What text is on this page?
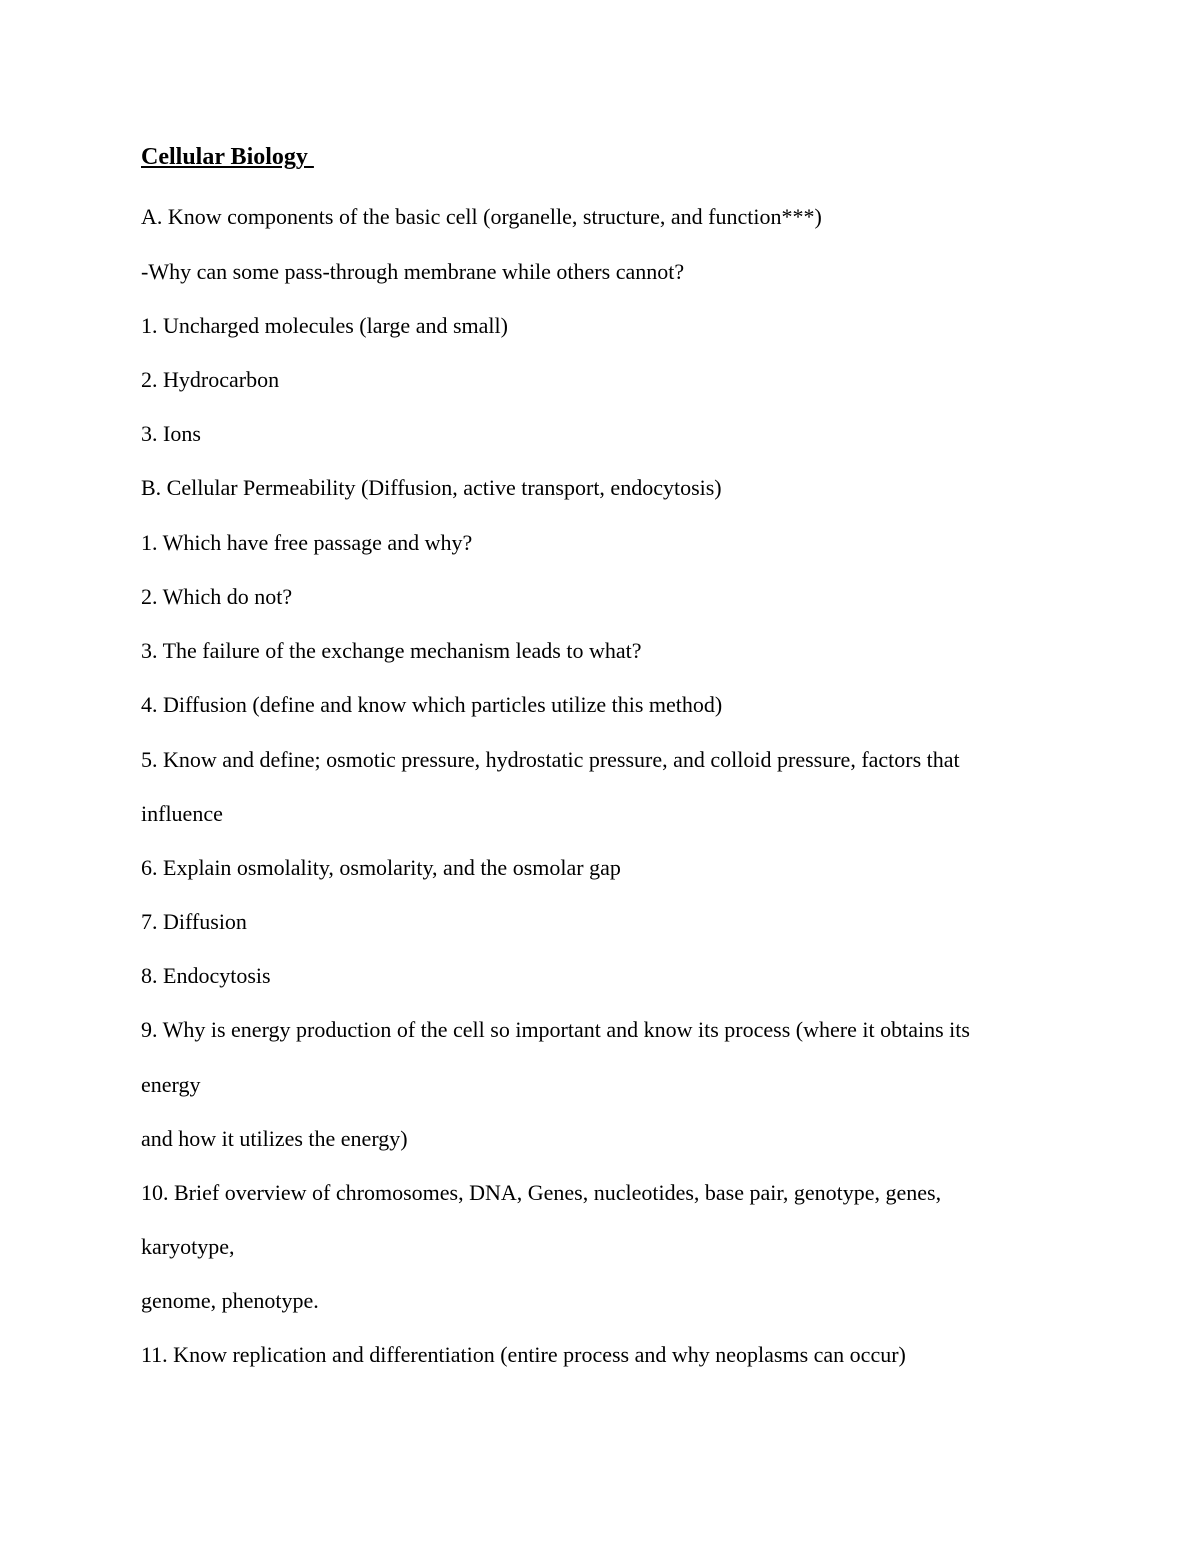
Cellular Biology

A. Know components of the basic cell (organelle, structure, and function***)

-Why can some pass-through membrane while others cannot?

1. Uncharged molecules (large and small)

2. Hydrocarbon

3. Ions

B. Cellular Permeability (Diffusion, active transport, endocytosis)

1. Which have free passage and why?

2. Which do not?

3. The failure of the exchange mechanism leads to what?

4. Diffusion (define and know which particles utilize this method)

5. Know and define; osmotic pressure, hydrostatic pressure, and colloid pressure, factors that

influence

6. Explain osmolality, osmolarity, and the osmolar gap

7. Diffusion

8. Endocytosis

9. Why is energy production of the cell so important and know its process (where it obtains its

energy

and how it utilizes the energy)

10. Brief overview of chromosomes, DNA, Genes, nucleotides, base pair, genotype, genes,

karyotype,

genome, phenotype.

11. Know replication and differentiation (entire process and why neoplasms can occur)
